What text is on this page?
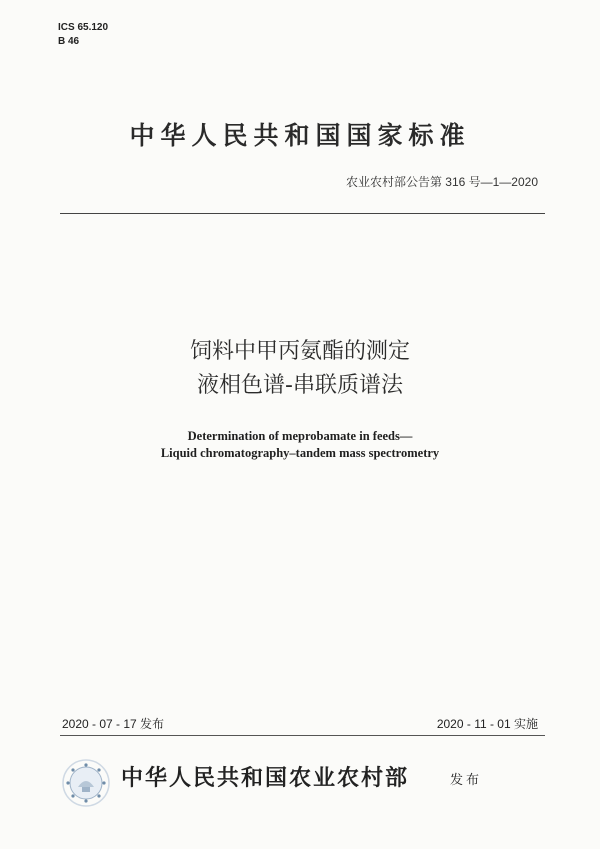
ICS 65.120
B 46
中华人民共和国国家标准
农业农村部公告第 316 号—1—2020
饲料中甲丙氨酯的测定
液相色谱-串联质谱法
Determination of meprobamate in feeds—
Liquid chromatography–tandem mass spectrometry
2020 - 07 - 17 发布	2020 - 11 - 01 实施
中华人民共和国农业农村部	发布
